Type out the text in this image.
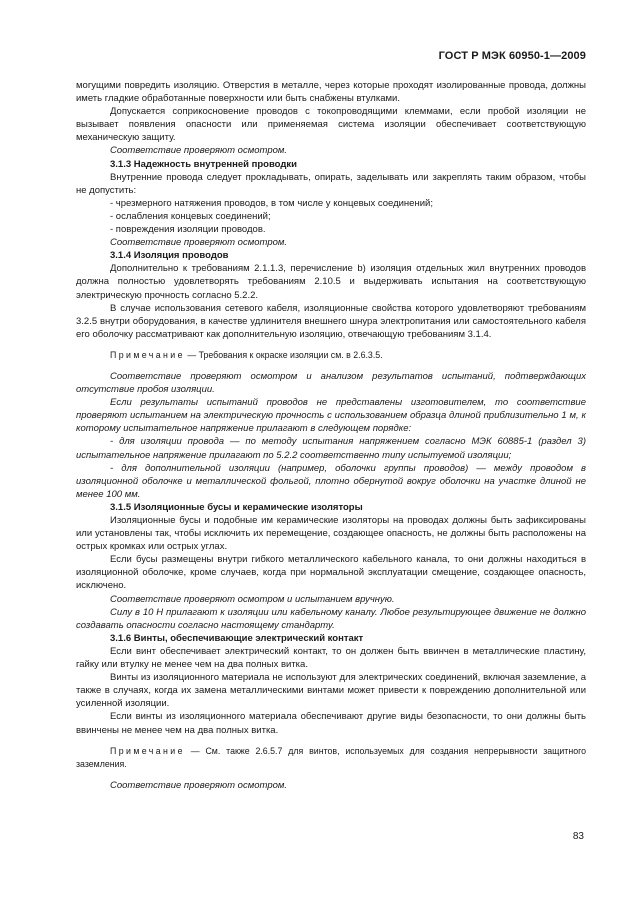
ГОСТ Р МЭК 60950-1—2009

могущими повредить изоляцию. Отверстия в металле, через которые проходят изолированные провода, должны иметь гладкие обработанные поверхности или быть снабжены втулками.

Допускается соприкосновение проводов с токопроводящими клеммами, если пробой изоляции не вызывает появления опасности или применяемая система изоляции обеспечивает соответствующую механическую защиту.

Соответствие проверяют осмотром.

3.1.3 Надежность внутренней проводки

Внутренние провода следует прокладывать, опирать, заделывать или закреплять таким образом, чтобы не допустить:

- чрезмерного натяжения проводов, в том числе у концевых соединений;

- ослабления концевых соединений;

- повреждения изоляции проводов.

Соответствие проверяют осмотром.

3.1.4 Изоляция проводов

Дополнительно к требованиям 2.1.1.3, перечисление b) изоляция отдельных жил внутренних проводов должна полностью удовлетворять требованиям 2.10.5 и выдерживать испытания на соответствующую электрическую прочность согласно 5.2.2.

В случае использования сетевого кабеля, изоляционные свойства которого удовлетворяют требованиям 3.2.5 внутри оборудования, в качестве удлинителя внешнего шнура электропитания или самостоятельного кабеля его оболочку рассматривают как дополнительную изоляцию, отвечающую требованиям 3.1.4.

Примечание — Требования к окраске изоляции см. в 2.6.3.5.

Соответствие проверяют осмотром и анализом результатов испытаний, подтверждающих отсутствие пробоя изоляции.

Если результаты испытаний проводов не представлены изготовителем, то соответствие проверяют испытанием на электрическую прочность с использованием образца длиной приблизительно 1 м, к которому испытательное напряжение прилагают в следующем порядке:

- для изоляции провода — по методу испытания напряжением согласно МЭК 60885-1 (раздел 3) испытательное напряжение прилагают по 5.2.2 соответственно типу испытуемой изоляции;

- для дополнительной изоляции (например, оболочки группы проводов) — между проводом в изоляционной оболочке и металлической фольгой, плотно обернутой вокруг оболочки на участке длиной не менее 100 мм.

3.1.5 Изоляционные бусы и керамические изоляторы

Изоляционные бусы и подобные им керамические изоляторы на проводах должны быть зафиксированы или установлены так, чтобы исключить их перемещение, создающее опасность, не должны быть расположены на острых кромках или острых углах.

Если бусы размещены внутри гибкого металлического кабельного канала, то они должны находиться в изоляционной оболочке, кроме случаев, когда при нормальной эксплуатации смещение, создающее опасность, исключено.

Соответствие проверяют осмотром и испытанием вручную.

Силу в 10 Н прилагают к изоляции или кабельному каналу. Любое результирующее движение не должно создавать опасности согласно настоящему стандарту.

3.1.6 Винты, обеспечивающие электрический контакт

Если винт обеспечивает электрический контакт, то он должен быть ввинчен в металлические пластину, гайку или втулку не менее чем на два полных витка.

Винты из изоляционного материала не используют для электрических соединений, включая заземление, а также в случаях, когда их замена металлическими винтами может привести к повреждению дополнительной или усиленной изоляции.

Если винты из изоляционного материала обеспечивают другие виды безопасности, то они должны быть ввинчены не менее чем на два полных витка.

Примечание — См. также 2.6.5.7 для винтов, используемых для создания непрерывности защитного заземления.

Соответствие проверяют осмотром.

83
